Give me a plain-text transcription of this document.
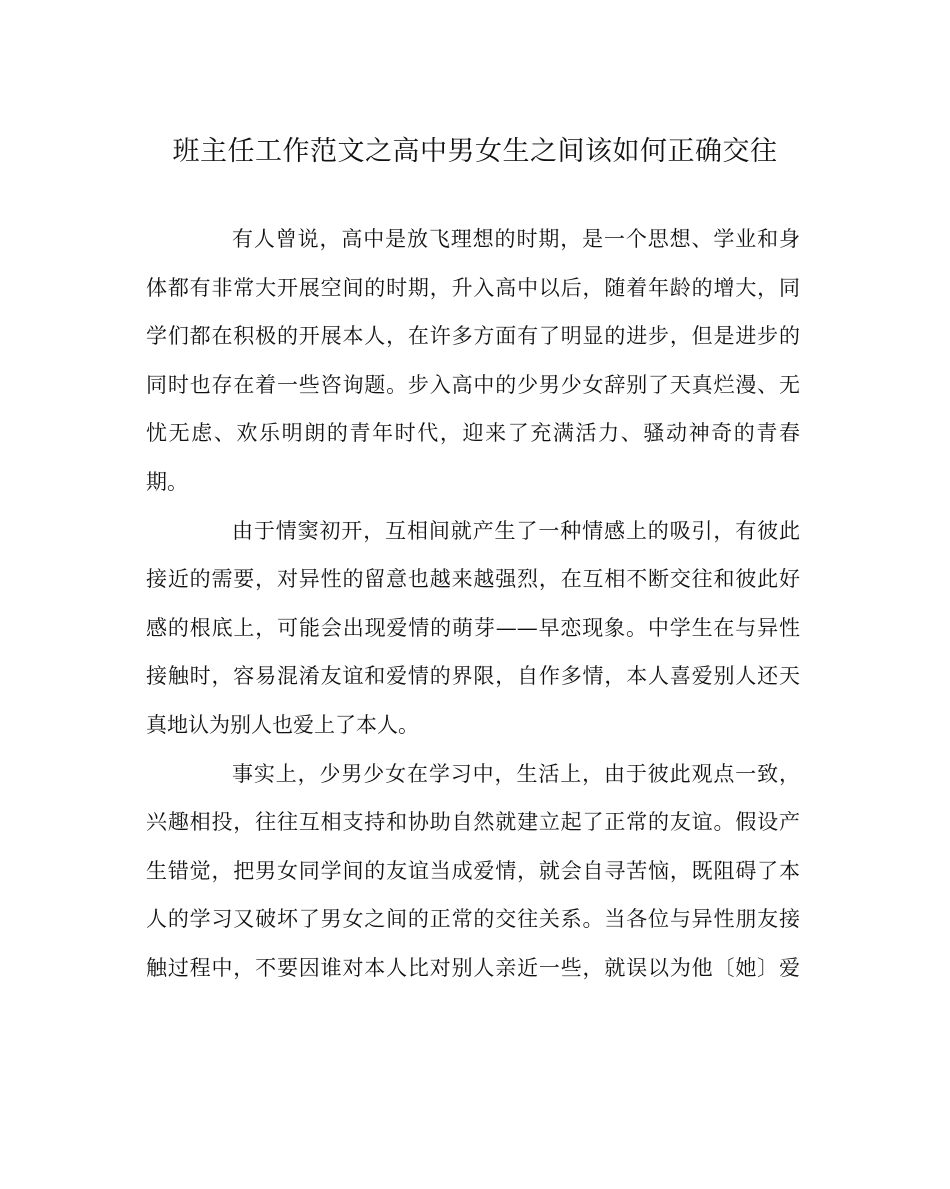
班主任工作范文之高中男女生之间该如何正确交往
有人曾说，高中是放飞理想的时期，是一个思想、学业和身
体都有非常大开展空间的时期，升入高中以后，随着年龄的增大，同
学们都在积极的开展本人，在许多方面有了明显的进步，但是进步的
同时也存在着一些咨询题。步入高中的少男少女辞别了天真烂漫、无
忧无虑、欢乐明朗的青年时代，迎来了充满活力、骚动神奇的青春
期。
由于情窦初开，互相间就产生了一种情感上的吸引，有彼此
接近的需要，对异性的留意也越来越强烈，在互相不断交往和彼此好
感的根底上，可能会出现爱情的萌芽——早恋现象。中学生在与异性
接触时，容易混淆友谊和爱情的界限，自作多情，本人喜爱别人还天
真地认为别人也爱上了本人。
事实上，少男少女在学习中，生活上，由于彼此观点一致，
兴趣相投，往往互相支持和协助自然就建立起了正常的友谊。假设产
生错觉，把男女同学间的友谊当成爱情，就会自寻苦恼，既阻碍了本
人的学习又破坏了男女之间的正常的交往关系。当各位与异性朋友接
触过程中，不要因谁对本人比对别人亲近一些，就误以为他〔她〕爱
